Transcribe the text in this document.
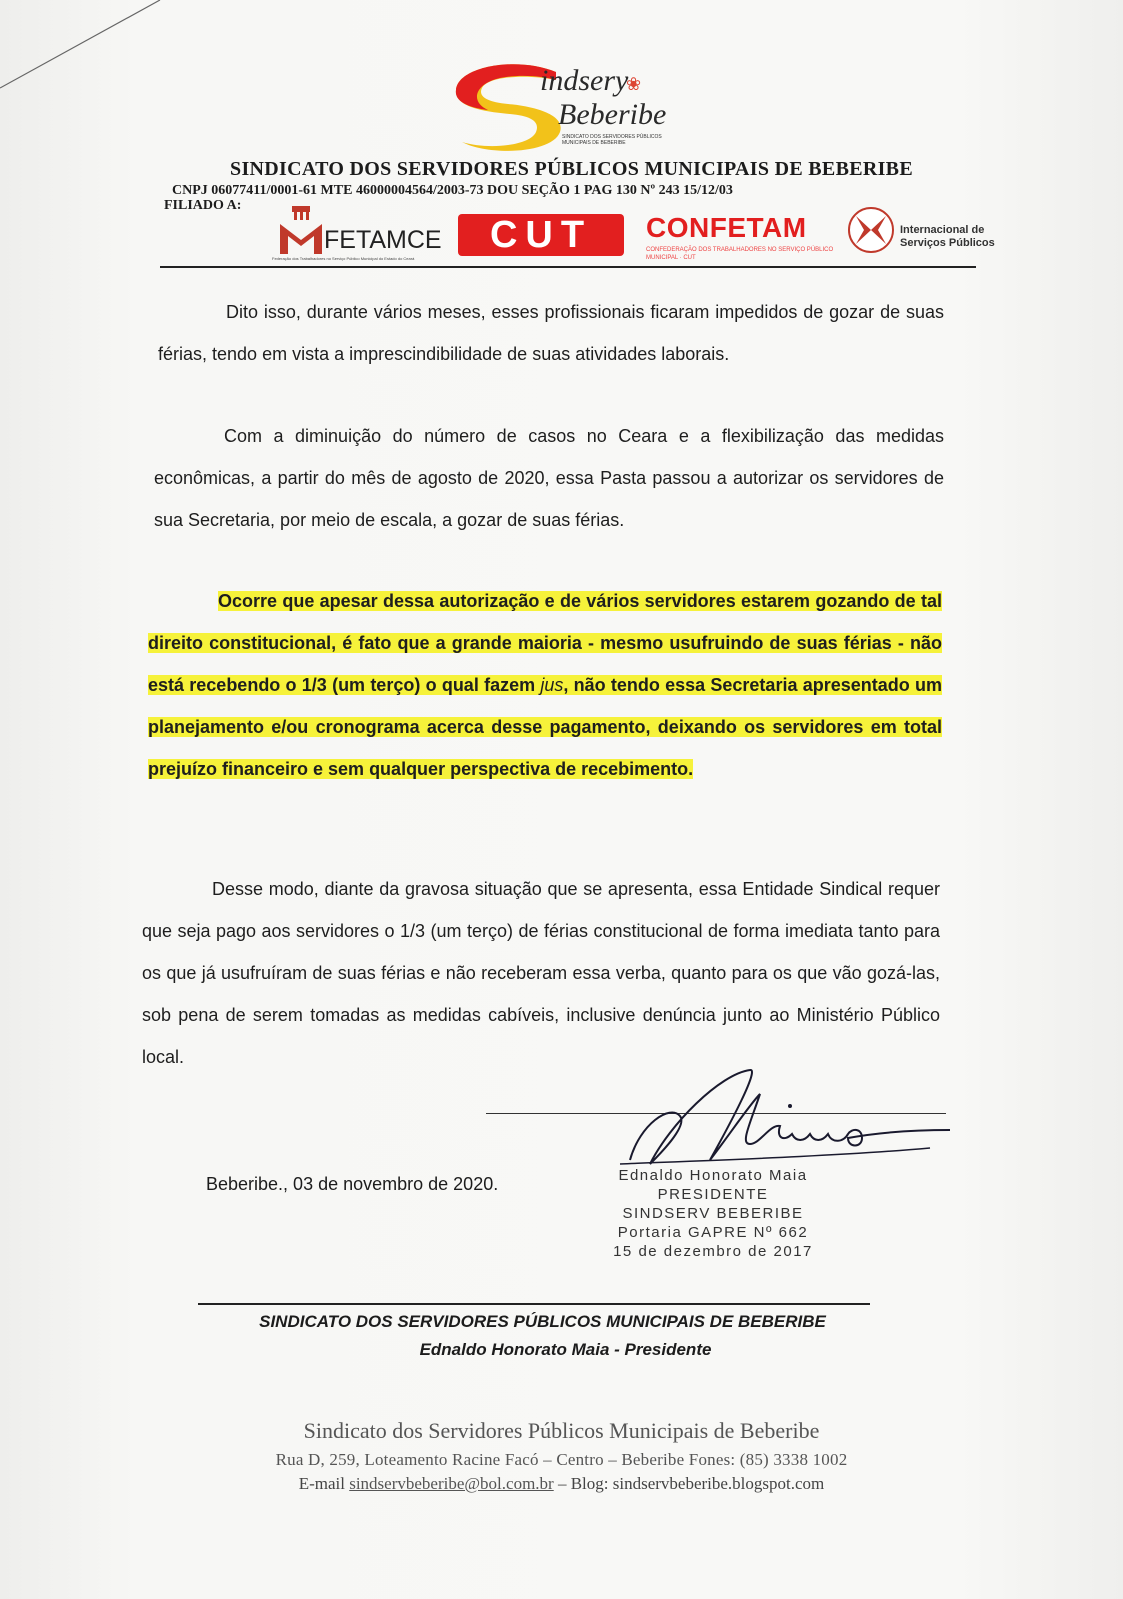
indsery
Beberibe
❀
SINDICATO DOS SERVIDORES PÚBLICOS MUNICIPAIS DE BEBERIBE
SINDICATO DOS SERVIDORES PÚBLICOS MUNICIPAIS DE BEBERIBE
CNPJ 06077411/0001-61 MTE 46000004564/2003-73 DOU SEÇÃO 1 PAG 130 Nº 243 15/12/03
FILIADO A:
FETAMCE
Federação dos Trabalhadores no Serviço Público Municipal do Estado do Ceará
CUT	CONFETAM
CONFEDERAÇÃO DOS TRABALHADORES NO SERVIÇO PÚBLICO MUNICIPAL · CUT
Internacional de
Serviços Públicos
Dito isso, durante vários meses, esses profissionais ficaram impedidos de gozar de suas férias, tendo em vista a imprescindibilidade de suas atividades laborais.
Com a diminuição do número de casos no Ceara e a flexibilização das medidas econômicas, a partir do mês de agosto de 2020, essa Pasta passou a autorizar os servidores de sua Secretaria, por meio de escala, a gozar de suas férias.
Ocorre que apesar dessa autorização e de vários servidores estarem gozando de tal direito constitucional, é fato que a grande maioria - mesmo usufruindo de suas férias - não está recebendo o 1/3 (um terço) o qual fazem jus, não tendo essa Secretaria apresentado um planejamento e/ou cronograma acerca desse pagamento, deixando os servidores em total prejuízo financeiro e sem qualquer perspectiva de recebimento.
Desse modo, diante da gravosa situação que se apresenta, essa Entidade Sindical requer que seja pago aos servidores o 1/3 (um terço) de férias constitucional de forma imediata tanto para os que já usufruíram de suas férias e não receberam essa verba, quanto para os que vão gozá-las, sob pena de serem tomadas as medidas cabíveis, inclusive denúncia junto ao Ministério Público local.
Beberibe., 03 de novembro de 2020.	Ednaldo Honorato Maia
PRESIDENTE
SINDSERV BEBERIBE
Portaria GAPRE Nº 662
15 de dezembro de 2017
SINDICATO DOS SERVIDORES PÚBLICOS MUNICIPAIS DE BEBERIBE
Ednaldo Honorato Maia - Presidente
Sindicato dos Servidores Públicos Municipais de Beberibe
Rua D, 259, Loteamento Racine Facó – Centro – Beberibe Fones: (85) 3338 1002
E-mail sindservbeberibe@bol.com.br – Blog: sindservbeberibe.blogspot.com
